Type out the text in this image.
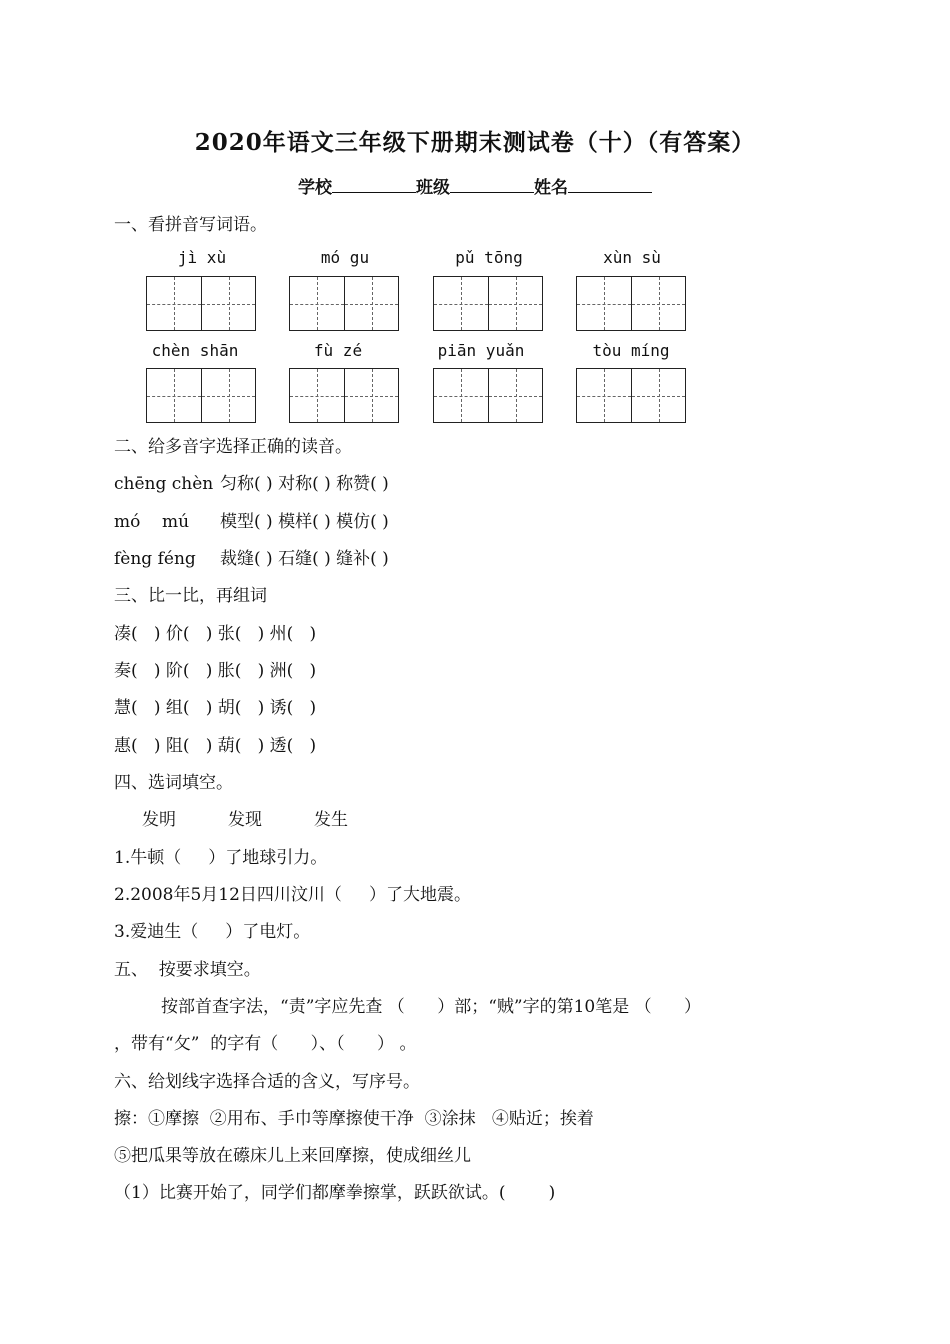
2020年语文三年级下册期末测试卷（十）（有答案）
学校	班级	姓名
一、看拼音写词语。
jì xù	mó gu	pǔ tōng	xùn sù
chèn shān	fù zé	piān yuǎn	tòu míng
二、给多音字选择正确的读音。
chēng chèn 匀称( ) 对称( ) 称赞( )
mó    mú 模型( ) 模样( ) 模仿( )
fèng féng 裁缝( ) 石缝( ) 缝补( )
三、比一比，再组词
凑(   ) 价(   ) 张(   ) 州(   )
奏(   ) 阶(   ) 胀(   ) 洲(   )
慧(   ) 组(   ) 胡(   ) 诱(   )
惠(   ) 阻(   ) 葫(   ) 透(   )
四、选词填空。
发明	发现	发生
1.牛顿（     ）了地球引力。
2.2008年5月12日四川汶川（     ）了大地震。
3.爱迪生（     ）了电灯。
五、  按要求填空。
按部首查字法，“责”字应先查 （      ）部；“贼”字的第10笔是 （      ）
，带有“攵”  的字有（      ）、（      ） 。
六、给划线字选择合适的含义，写序号。
擦：①摩擦  ②用布、手巾等摩擦使干净  ③涂抹   ④贴近；挨着
⑤把瓜果等放在礤床儿上来回摩擦，使成细丝儿
（1）比赛开始了，同学们都摩拳擦掌，跃跃欲试。(        )
